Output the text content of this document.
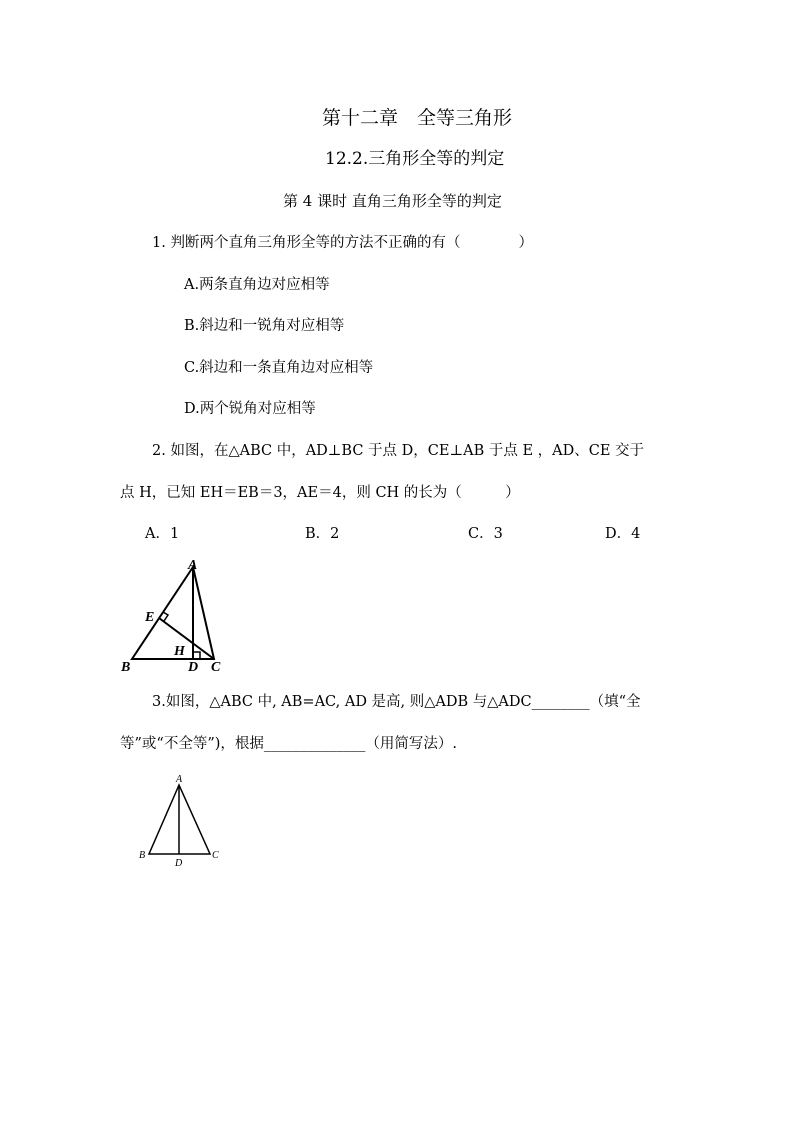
第十二章　全等三角形
12.2.三角形全等的判定
第 4 课时 直角三角形全等的判定
1. 判断两个直角三角形全等的方法不正确的有（　　　　）
A.两条直角边对应相等
B.斜边和一锐角对应相等
C.斜边和一条直角边对应相等
D.两个锐角对应相等
2. 如图，在△ABC 中，AD⊥BC 于点 D，CE⊥AB 于点 E ，AD、CE 交于
点 H，已知 EH＝EB＝3，AE＝4，则 CH 的长为（　　　）
A．1	B．2	C．3	D．4
A
B	C
D
E
H
3.如图，△ABC 中, AB=AC, AD 是高, 则△ADB 与△ADC________（填“全
等”或“不全等”)，根据______________（用简写法）.
A
B	C
D
